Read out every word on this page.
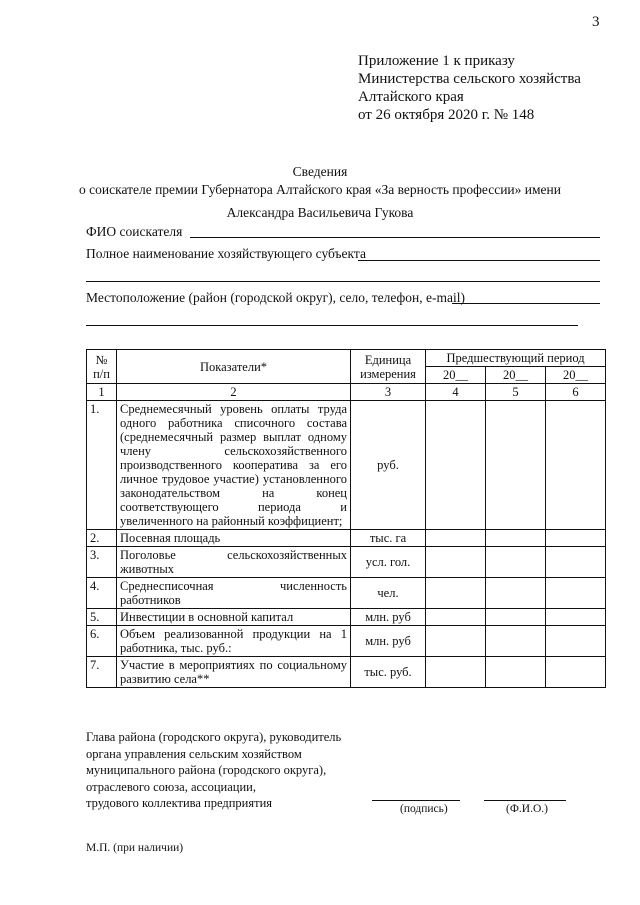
3
Приложение 1 к приказу
Министерства сельского хозяйства
Алтайского края
от 26 октября 2020 г. № 148
Сведения
о соискателе премии Губернатора Алтайского края «За верность профессии» имени
Александра Васильевича Гукова
ФИО соискателя
Полное наименование хозяйствующего субъекта
Местоположение (район (городской округ), село, телефон, e-mail)
№ п/п	Показатели*	Единица измерения	Предшествующий период		
			20__	20__	20__
1	2	3	4	5	6
1.	Среднемесячный уровень оплаты труда одного работника списочного состава (среднемесячный размер выплат одному члену сельскохозяйственного производственного кооператива за его личное трудовое участие) установленного законодательством на конец соответствующего периода и увеличенного на районный коэффициент;	руб.			
2.	Посевная площадь	тыс. га			
3.	Поголовье сельскохозяйственных животных	усл. гол.			
4.	Среднесписочная численность работников	чел.			
5.	Инвестиции в основной капитал	млн. руб			
6.	Объем реализованной продукции на 1 работника, тыс. руб.:	млн. руб			
7.	Участие в мероприятиях по социальному развитию села**	тыс. руб.			
Глава района (городского округа), руководитель
органа управления сельским хозяйством
муниципального района (городского округа),
отраслевого союза, ассоциации,
трудового коллектива предприятия	(подпись)	(Ф.И.О.)
М.П. (при наличии)
